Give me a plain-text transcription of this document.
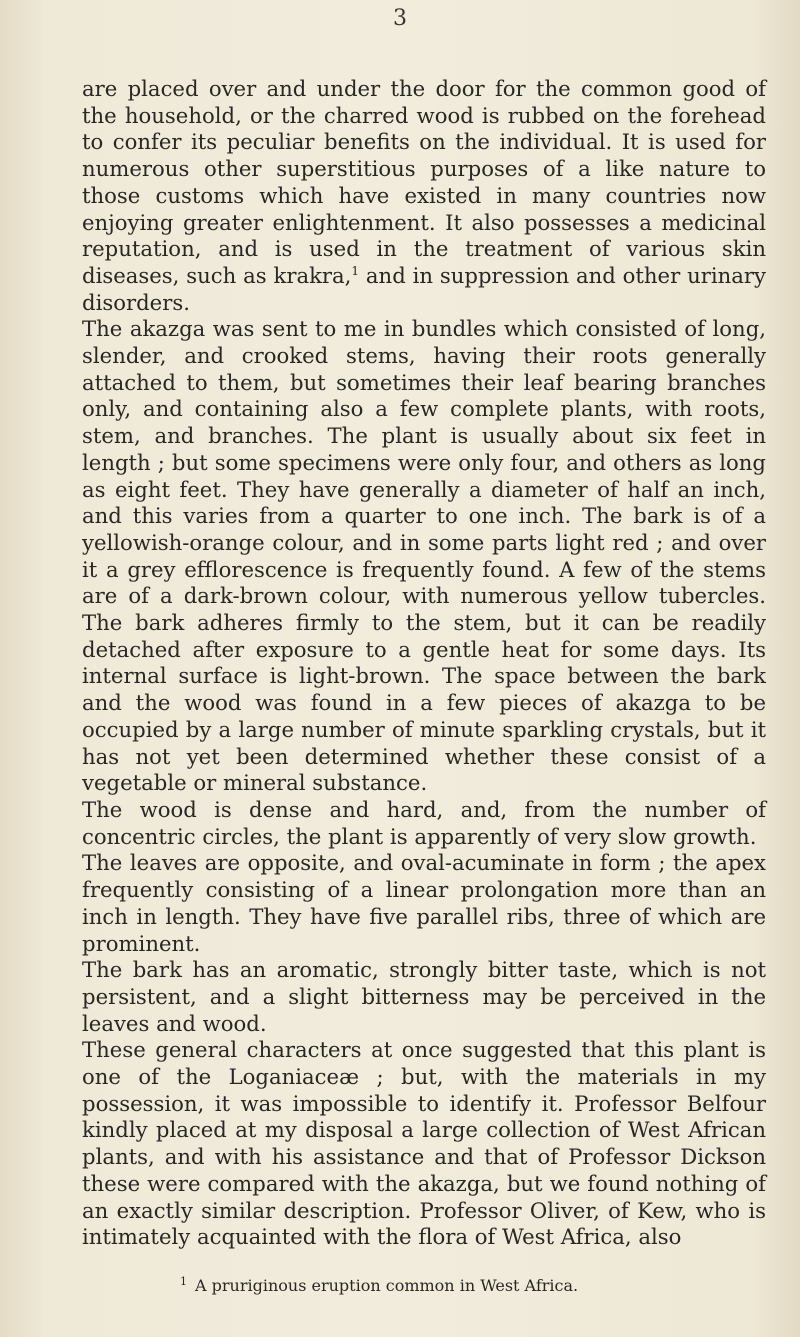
3

are placed over and under the door for the common good of the household, or the charred wood is rubbed on the forehead to confer its peculiar benefits on the individual. It is used for numerous other superstitious purposes of a like nature to those customs which have existed in many countries now enjoying greater enlightenment. It also possesses a medicinal reputation, and is used in the treatment of various skin diseases, such as krakra,$^1$ and in suppression and other urinary disorders.

The akazga was sent to me in bundles which consisted of long, slender, and crooked stems, having their roots generally attached to them, but sometimes their leaf bearing branches only, and containing also a few complete plants, with roots, stem, and branches. The plant is usually about six feet in length ; but some specimens were only four, and others as long as eight feet. They have generally a diameter of half an inch, and this varies from a quarter to one inch. The bark is of a yellowish-orange colour, and in some parts light red ; and over it a grey efflorescence is frequently found. A few of the stems are of a dark-brown colour, with numerous yellow tubercles. The bark adheres firmly to the stem, but it can be readily detached after exposure to a gentle heat for some days. Its internal surface is light-brown. The space between the bark and the wood was found in a few pieces of akazga to be occupied by a large number of minute sparkling crystals, but it has not yet been determined whether these consist of a vegetable or mineral substance.

The wood is dense and hard, and, from the number of concentric circles, the plant is apparently of very slow growth.

The leaves are opposite, and oval-acuminate in form ; the apex frequently consisting of a linear prolongation more than an inch in length. They have five parallel ribs, three of which are prominent.

The bark has an aromatic, strongly bitter taste, which is not persistent, and a slight bitterness may be perceived in the leaves and wood.

These general characters at once suggested that this plant is one of the Loganiaceæ ; but, with the materials in my possession, it was impossible to identify it. Professor Belfour kindly placed at my disposal a large collection of West African plants, and with his assistance and that of Professor Dickson these were compared with the akazga, but we found nothing of an exactly similar description. Professor Oliver, of Kew, who is intimately acquainted with the flora of West Africa, also

$^1$ A pruriginous eruption common in West Africa.
